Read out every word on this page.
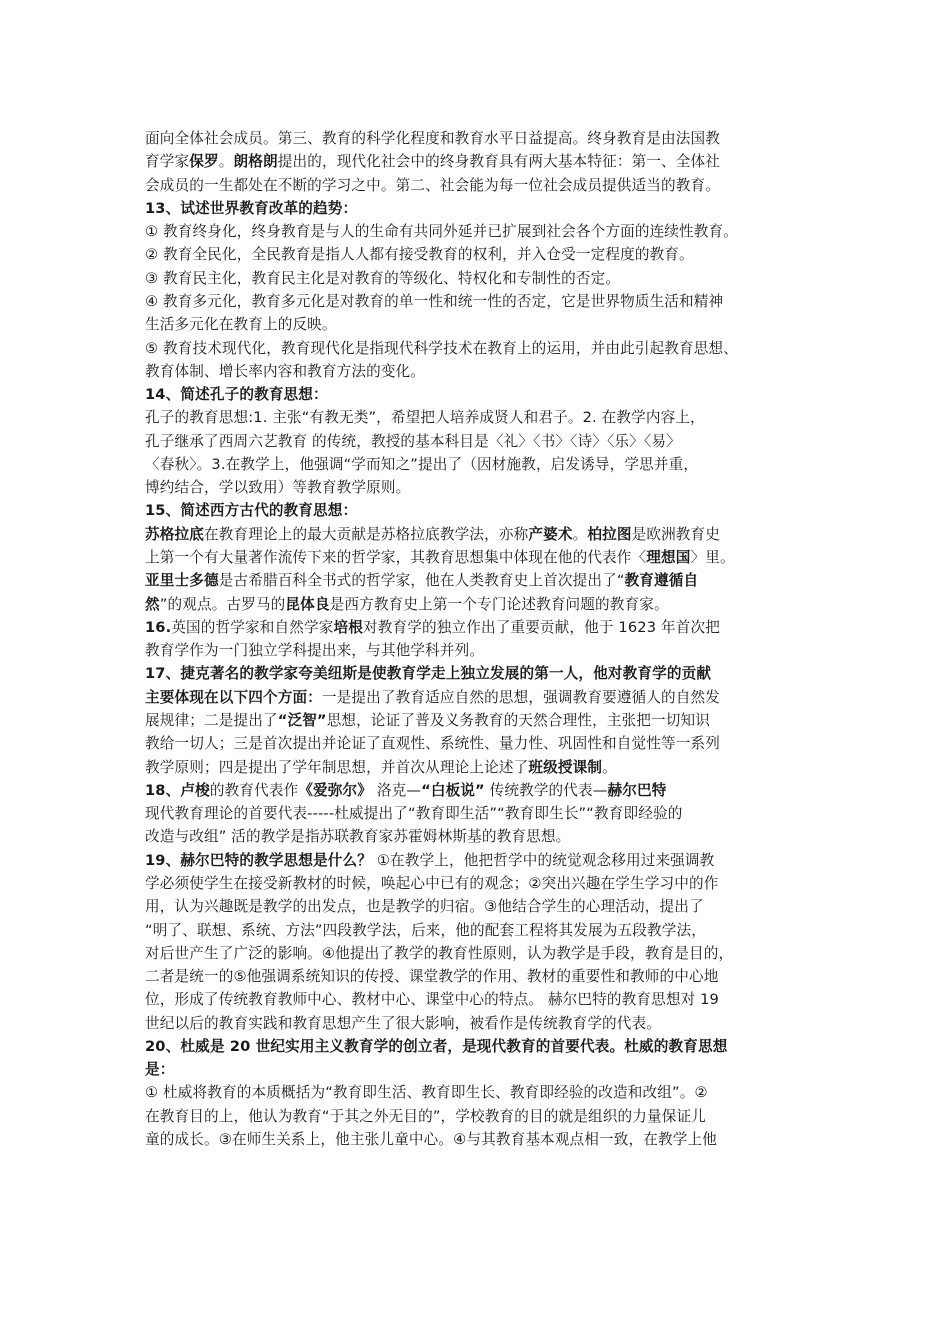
面向全体社会成员。第三、教育的科学化程度和教育水平日益提高。终身教育是由法国教
育学家保罗。朗格朗提出的，现代化社会中的终身教育具有两大基本特征：第一、全体社
会成员的一生都处在不断的学习之中。第二、社会能为每一位社会成员提供适当的教育。
13、试述世界教育改革的趋势：
① 教育终身化，终身教育是与人的生命有共同外延并已扩展到社会各个方面的连续性教育。
② 教育全民化，全民教育是指人人都有接受教育的权利，并入仓受一定程度的教育。
③ 教育民主化，教育民主化是对教育的等级化、特权化和专制性的否定。
④ 教育多元化，教育多元化是对教育的单一性和统一性的否定，它是世界物质生活和精神
生活多元化在教育上的反映。
⑤ 教育技术现代化，教育现代化是指现代科学技术在教育上的运用，并由此引起教育思想、
教育体制、增长率内容和教育方法的变化。
14、简述孔子的教育思想：
孔子的教育思想:1. 主张“有教无类”，希望把人培养成贤人和君子。2. 在教学内容上，
孔子继承了西周六艺教育 的传统，教授的基本科目是〈礼〉〈书〉〈诗〉〈乐〉〈易〉
〈春秋〉。3.在教学上，他强调“学而知之”提出了（因材施教，启发诱导，学思并重，
博约结合，学以致用）等教育教学原则。
15、简述西方古代的教育思想：
苏格拉底在教育理论上的最大贡献是苏格拉底教学法，亦称产婆术。柏拉图是欧洲教育史
上第一个有大量著作流传下来的哲学家，其教育思想集中体现在他的代表作〈理想国〉里。
亚里士多德是古希腊百科全书式的哲学家，他在人类教育史上首次提出了“教育遵循自
然”的观点。古罗马的昆体良是西方教育史上第一个专门论述教育问题的教育家。
16.英国的哲学家和自然学家培根对教育学的独立作出了重要贡献，他于 1623 年首次把
教育学作为一门独立学科提出来，与其他学科并列。
17、捷克著名的教学家夸美纽斯是使教育学走上独立发展的第一人，他对教育学的贡献
主要体现在以下四个方面：一是提出了教育适应自然的思想，强调教育要遵循人的自然发
展规律；二是提出了“泛智”思想，论证了普及义务教育的天然合理性，主张把一切知识
教给一切人；三是首次提出并论证了直观性、系统性、量力性、巩固性和自觉性等一系列
教学原则；四是提出了学年制思想，并首次从理论上论述了班级授课制。
18、卢梭的教育代表作《爱弥尔》 洛克—“白板说” 传统教学的代表—赫尔巴特
现代教育理论的首要代表-----杜威提出了“教育即生活”“教育即生长”“教育即经验的
改造与改组” 活的教学是指苏联教育家苏霍姆林斯基的教育思想。
19、赫尔巴特的教学思想是什么？ ①在教学上，他把哲学中的统觉观念移用过来强调教
学必须使学生在接受新教材的时候，唤起心中已有的观念；②突出兴趣在学生学习中的作
用，认为兴趣既是教学的出发点，也是教学的归宿。③他结合学生的心理活动，提出了
“明了、联想、系统、方法”四段教学法，后来，他的配套工程将其发展为五段教学法，
对后世产生了广泛的影响。④他提出了教学的教育性原则，认为教学是手段，教育是目的，
二者是统一的⑤他强调系统知识的传授、课堂教学的作用、教材的重要性和教师的中心地
位，形成了传统教育教师中心、教材中心、课堂中心的特点。 赫尔巴特的教育思想对 19
世纪以后的教育实践和教育思想产生了很大影响，被看作是传统教育学的代表。
20、杜威是 20 世纪实用主义教育学的创立者，是现代教育的首要代表。杜威的教育思想
是：
① 杜威将教育的本质概括为“教育即生活、教育即生长、教育即经验的改造和改组”。②
在教育目的上，他认为教育“于其之外无目的”，学校教育的目的就是组织的力量保证儿
童的成长。③在师生关系上，他主张儿童中心。④与其教育基本观点相一致，在教学上他
